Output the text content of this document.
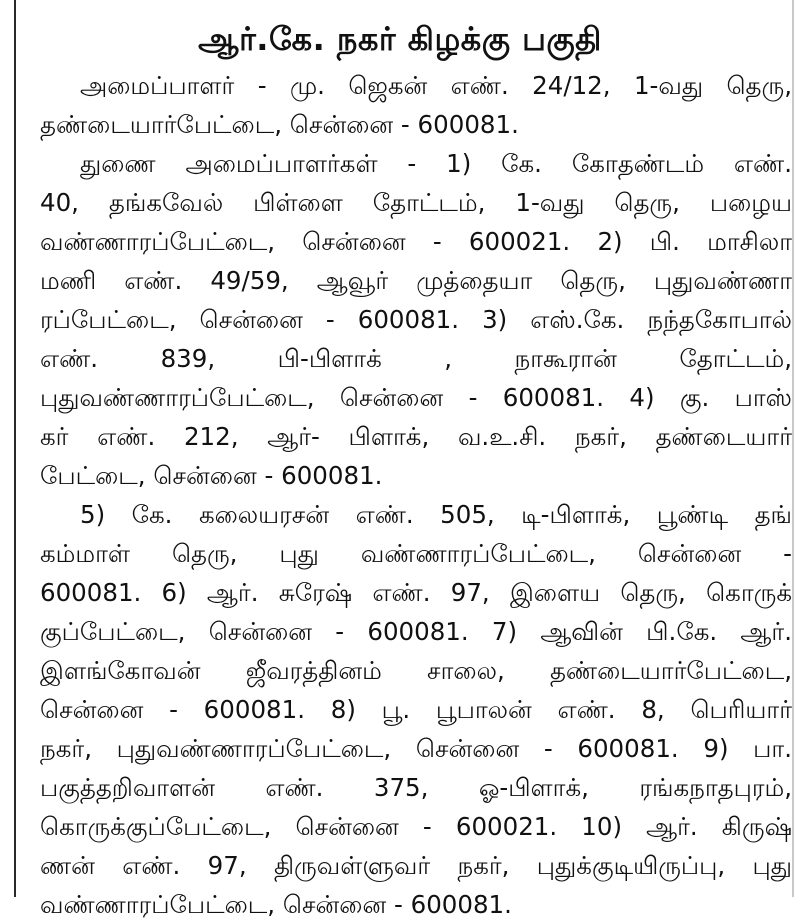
ஆர்.கே. நகர் கிழக்கு பகுதி
அமைப்பாளர் - மு. ஜெகன் எண். 24/12, 1-வது தெரு,
தண்டையார்பேட்டை, சென்னை - 600081.
துணை அமைப்பாளர்கள் - 1) கே. கோதண்டம் எண்.
40, தங்கவேல் பிள்ளை தோட்டம், 1-வது தெரு, பழைய
வண்ணாரப்பேட்டை, சென்னை - 600021. 2) பி. மாசிலா
மணி எண். 49/59, ஆவூர் முத்தையா தெரு, புதுவண்ணா
ரப்பேட்டை, சென்னை - 600081. 3) எஸ்.கே. நந்தகோபால்
எண். 839, பி-பிளாக் , நாகூரான் தோட்டம்,
புதுவண்ணாரப்பேட்டை, சென்னை - 600081. 4) கு. பாஸ்
கர் எண். 212, ஆர்- பிளாக், வ.உ.சி. நகர், தண்டையார்
பேட்டை, சென்னை - 600081.
5) கே. கலையரசன் எண். 505, டி-பிளாக், பூண்டி தங்
கம்மாள் தெரு, புது வண்ணாரப்பேட்டை, சென்னை -
600081. 6) ஆர். சுரேஷ் எண். 97, இளைய தெரு, கொருக்
குப்பேட்டை, சென்னை - 600081. 7) ஆவின் பி.கே. ஆர்.
இளங்கோவன் ஜீவரத்தினம் சாலை, தண்டையார்பேட்டை,
சென்னை - 600081. 8) பூ. பூபாலன் எண். 8, பெரியார்
நகர், புதுவண்ணாரப்பேட்டை, சென்னை - 600081. 9) பா.
பகுத்தறிவாளன் எண். 375, ஓ-பிளாக், ரங்கநாதபுரம்,
கொருக்குப்பேட்டை, சென்னை - 600021. 10) ஆர். கிருஷ்
ணன் எண். 97, திருவள்ளுவர் நகர், புதுக்குடியிருப்பு, புது
வண்ணாரப்பேட்டை, சென்னை - 600081.
